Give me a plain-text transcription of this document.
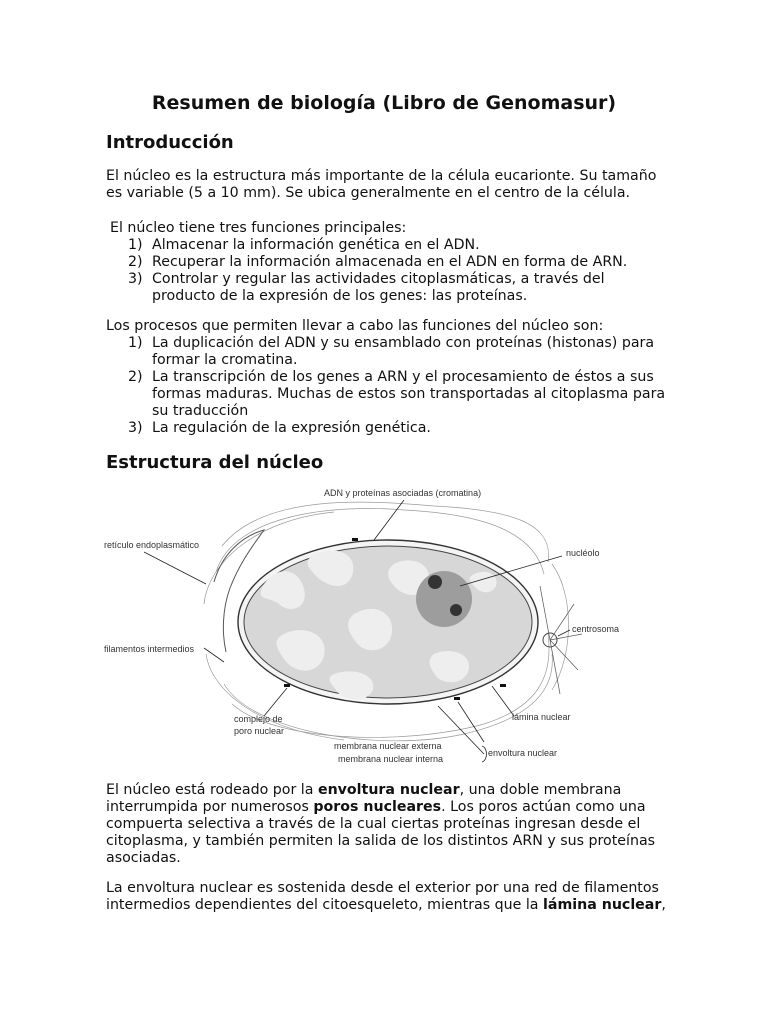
Resumen de biología (Libro de Genomasur)
Introducción

El núcleo es la estructura más importante de la célula eucarionte. Su tamaño es variable (5 a 10 mm). Se ubica generalmente en el centro de la célula.

El núcleo tiene tres funciones principales:
1) Almacenar la información genética en el ADN.
2) Recuperar la información almacenada en el ADN en forma de ARN.
3) Controlar y regular las actividades citoplasmáticas, a través del producto de la expresión de los genes: las proteínas.
Los procesos que permiten llevar a cabo las funciones del núcleo son:
1) La duplicación del ADN y su ensamblado con proteínas (histonas) para formar la cromatina.
2) La transcripción de los genes a ARN y el procesamiento de éstos a sus formas maduras. Muchas de estos son transportadas al citoplasma para su traducción
3) La regulación de la expresión genética.
Estructura del núcleo
ADN y proteínas asociadas (cromatina)
retículo endoplasmático
nucléolo
centrosoma
filamentos intermedios
complejo de
poro nuclear
lámina nuclear
membrana nuclear externa
membrana nuclear interna
envoltura nuclear

El núcleo está rodeado por la envoltura nuclear, una doble membrana interrumpida por numerosos poros nucleares. Los poros actúan como una compuerta selectiva a través de la cual ciertas proteínas ingresan desde el citoplasma, y también permiten la salida de los distintos ARN y sus proteínas asociadas.

La envoltura nuclear es sostenida desde el exterior por una red de filamentos intermedios dependientes del citoesqueleto, mientras que la lámina nuclear,
